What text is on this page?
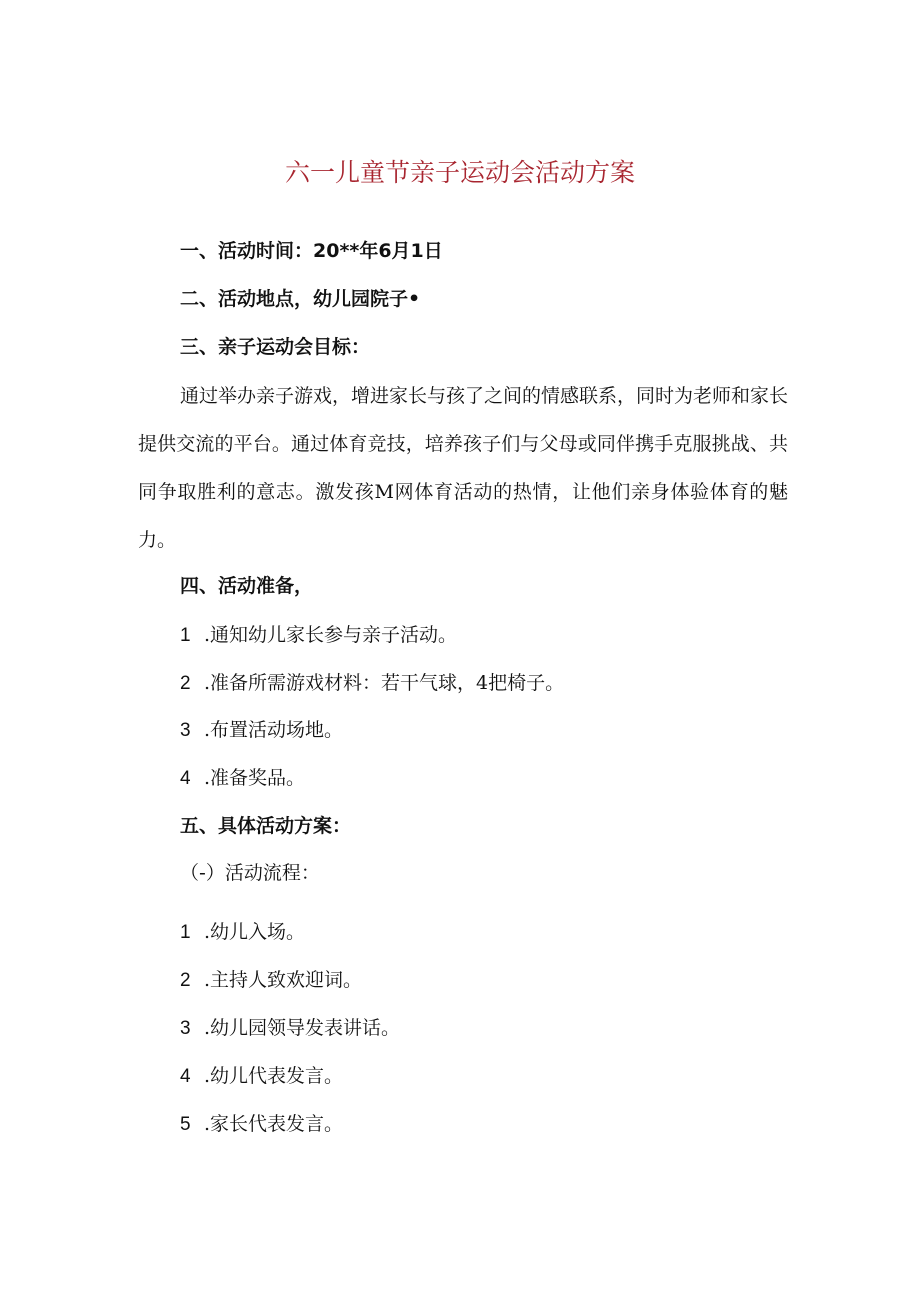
六一儿童节亲子运动会活动方案
一、活动时间：20**年6月1日
二、活动地点，幼儿园院子•
三、亲子运动会目标：
通过举办亲子游戏，增进家长与孩了之间的情感联系，同时为老师和家长提供交流的平台。通过体育竞技，培养孩子们与父母或同伴携手克服挑战、共同争取胜利的意志。激发孩M网体育活动的热情，让他们亲身体验体育的魅力。
四、活动准备，
1 .通知幼儿家长参与亲子活动。
2 .准备所需游戏材料：若干气球，4把椅子。
3 .布置活动场地。
4 .准备奖品。
五、具体活动方案：
（-）活动流程：
1 .幼儿入场。
2 .主持人致欢迎词。
3 .幼儿园领导发表讲话。
4 .幼儿代表发言。
5 .家长代表发言。
